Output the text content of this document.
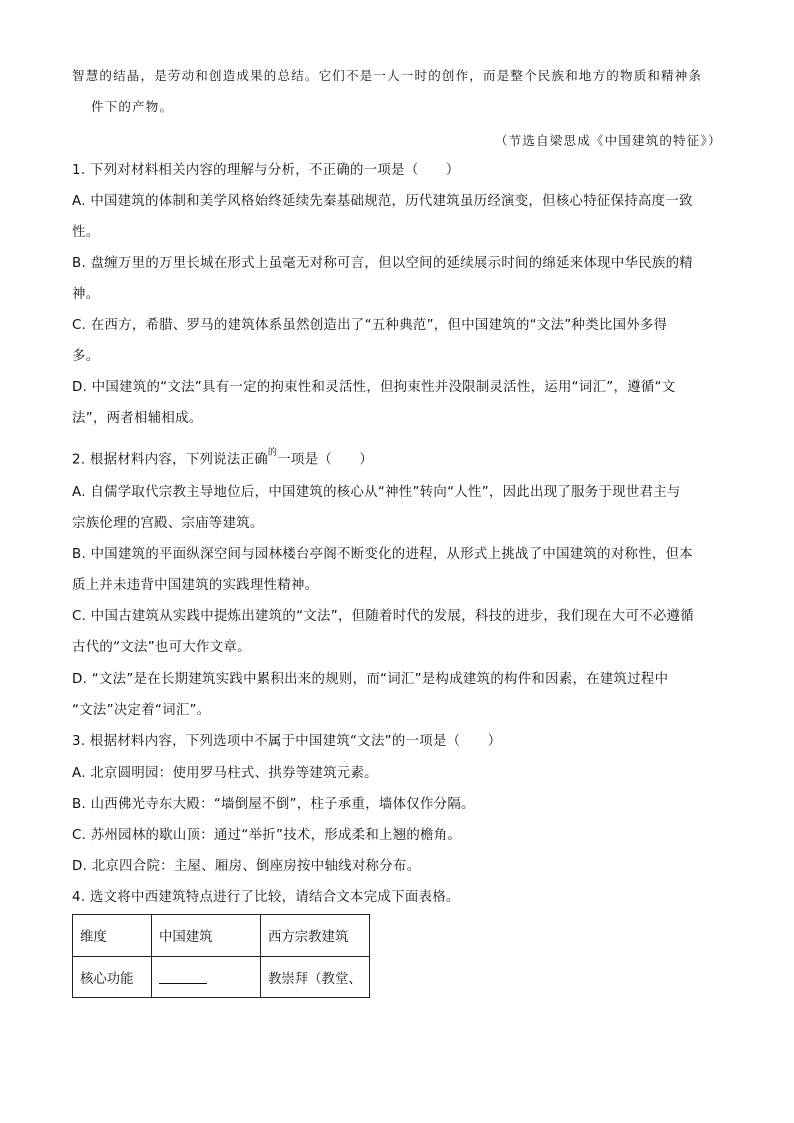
智慧的结晶，是劳动和创造成果的总结。它们不是一人一时的创作，而是整个民族和地方的物质和精神条
件下的产物。
（节选自梁思成《中国建筑的特征》）
1. 下列对材料相关内容的理解与分析，不正确的一项是（　　）
A. 中国建筑的体制和美学风格始终延续先秦基础规范，历代建筑虽历经演变，但核心特征保持高度一致
性。
B. 盘缠万里的万里长城在形式上虽毫无对称可言，但以空间的延续展示时间的绵延来体现中华民族的精
神。
C. 在西方，希腊、罗马的建筑体系虽然创造出了“五种典范”，但中国建筑的“文法”种类比国外多得
多。
D. 中国建筑的“文法”具有一定的拘束性和灵活性，但拘束性并没限制灵活性，运用“词汇”，遵循“文
法”，两者相辅相成。
2. 根据材料内容，下列说法正确$^的$一项是（　　）
A. 自儒学取代宗教主导地位后，中国建筑的核心从“神性”转向“人性”，因此出现了服务于现世君主与
宗族伦理的宫殿、宗庙等建筑。
B. 中国建筑的平面纵深空间与园林楼台亭阁不断变化的进程，从形式上挑战了中国建筑的对称性，但本
质上并未违背中国建筑的实践理性精神。
C. 中国古建筑从实践中提炼出建筑的“文法”，但随着时代的发展，科技的进步，我们现在大可不必遵循
古代的“文法”也可大作文章。
D. “文法”是在长期建筑实践中累积出来的规则，而“词汇”是构成建筑的构件和因素，在建筑过程中
“文法”决定着“词汇”。
3. 根据材料内容，下列选项中不属于中国建筑“文法”的一项是（　　）
A. 北京圆明园：使用罗马柱式、拱券等建筑元素。
B. 山西佛光寺东大殿：“墙倒屋不倒”，柱子承重，墙体仅作分隔。
C. 苏州园林的歇山顶：通过“举折”技术，形成柔和上翘的檐角。
D. 北京四合院：主屋、厢房、倒座房按中轴线对称分布。
4. 选文将中西建筑特点进行了比较，请结合文本完成下面表格。
维度	中国建筑	西方宗教建筑
核心功能		教崇拜（教堂、
